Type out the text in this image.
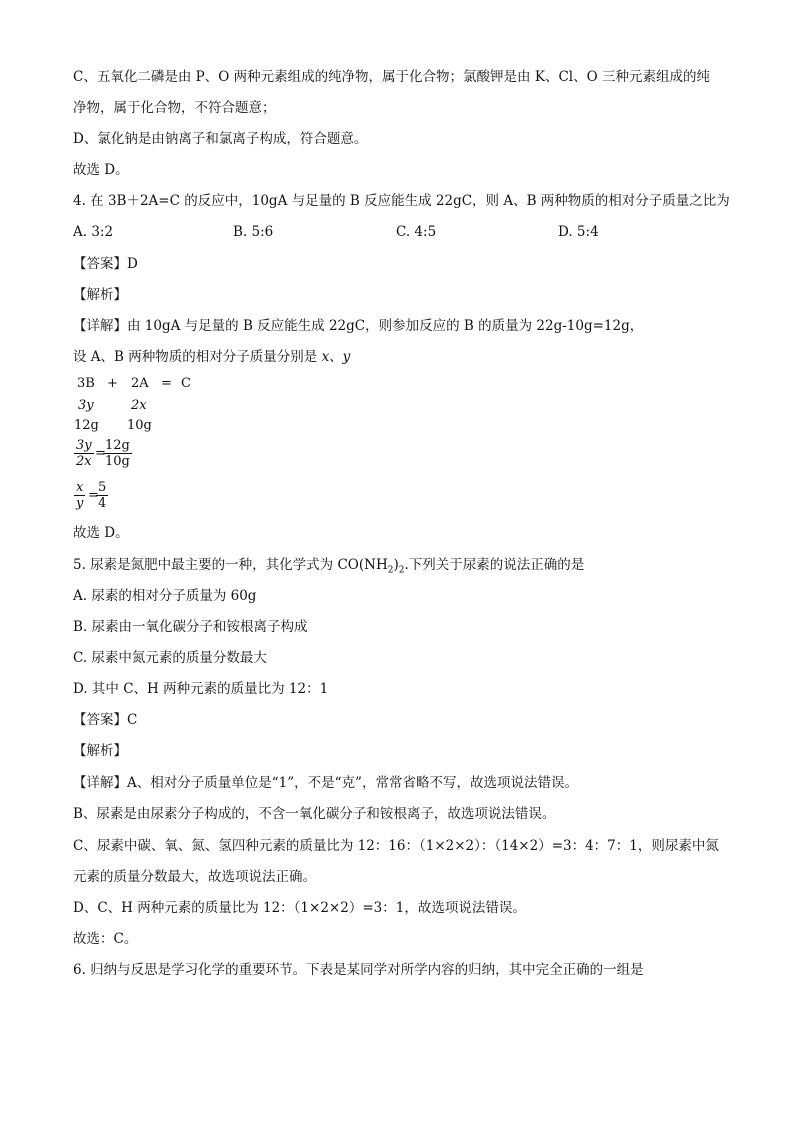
C、五氧化二磷是由 P、O 两种元素组成的纯净物，属于化合物；氯酸钾是由 K、Cl、O 三种元素组成的纯
净物，属于化合物，不符合题意；
D、氯化钠是由钠离子和氯离子构成，符合题意。
故选 D。
4. 在 3B＋2A=C 的反应中，10gA 与足量的 B 反应能生成 22gC，则 A、B 两种物质的相对分子质量之比为
A. 3:2	B. 5:6	C. 4:5	D. 5:4
【答案】D
【解析】
【详解】由 10gA 与足量的 B 反应能生成 22gC，则参加反应的 B 的质量为 22g-10g=12g，
设 A、B 两种物质的相对分子质量分别是 x、y
3B + 2A = C
3y	2x
12g 10g
$\frac{3y}{2x}$ =
$\frac{12g}{10g}$
$\frac{x}{y}$ =
$\frac{5}{4}$
故选 D。
5. 尿素是氮肥中最主要的一种，其化学式为 $CO(NH_2)_2$.下列关于尿素的说法正确的是
A. 尿素的相对分子质量为 60g
B. 尿素由一氧化碳分子和铵根离子构成
C. 尿素中氮元素的质量分数最大
D. 其中 C、H 两种元素的质量比为 12：1
【答案】C
【解析】
【详解】A、相对分子质量单位是“1”，不是“克”，常常省略不写，故选项说法错误。
B、尿素是由尿素分子构成的，不含一氧化碳分子和铵根离子，故选项说法错误。
C、尿素中碳、氧、氮、氢四种元素的质量比为 12：16：（1×2×2）：（14×2）=3：4：7：1，则尿素中氮
元素的质量分数最大，故选项说法正确。
D、C、H 两种元素的质量比为 12：（1×2×2）=3：1，故选项说法错误。
故选：C。
6. 归纳与反思是学习化学的重要环节。下表是某同学对所学内容的归纳，其中完全正确的一组是
